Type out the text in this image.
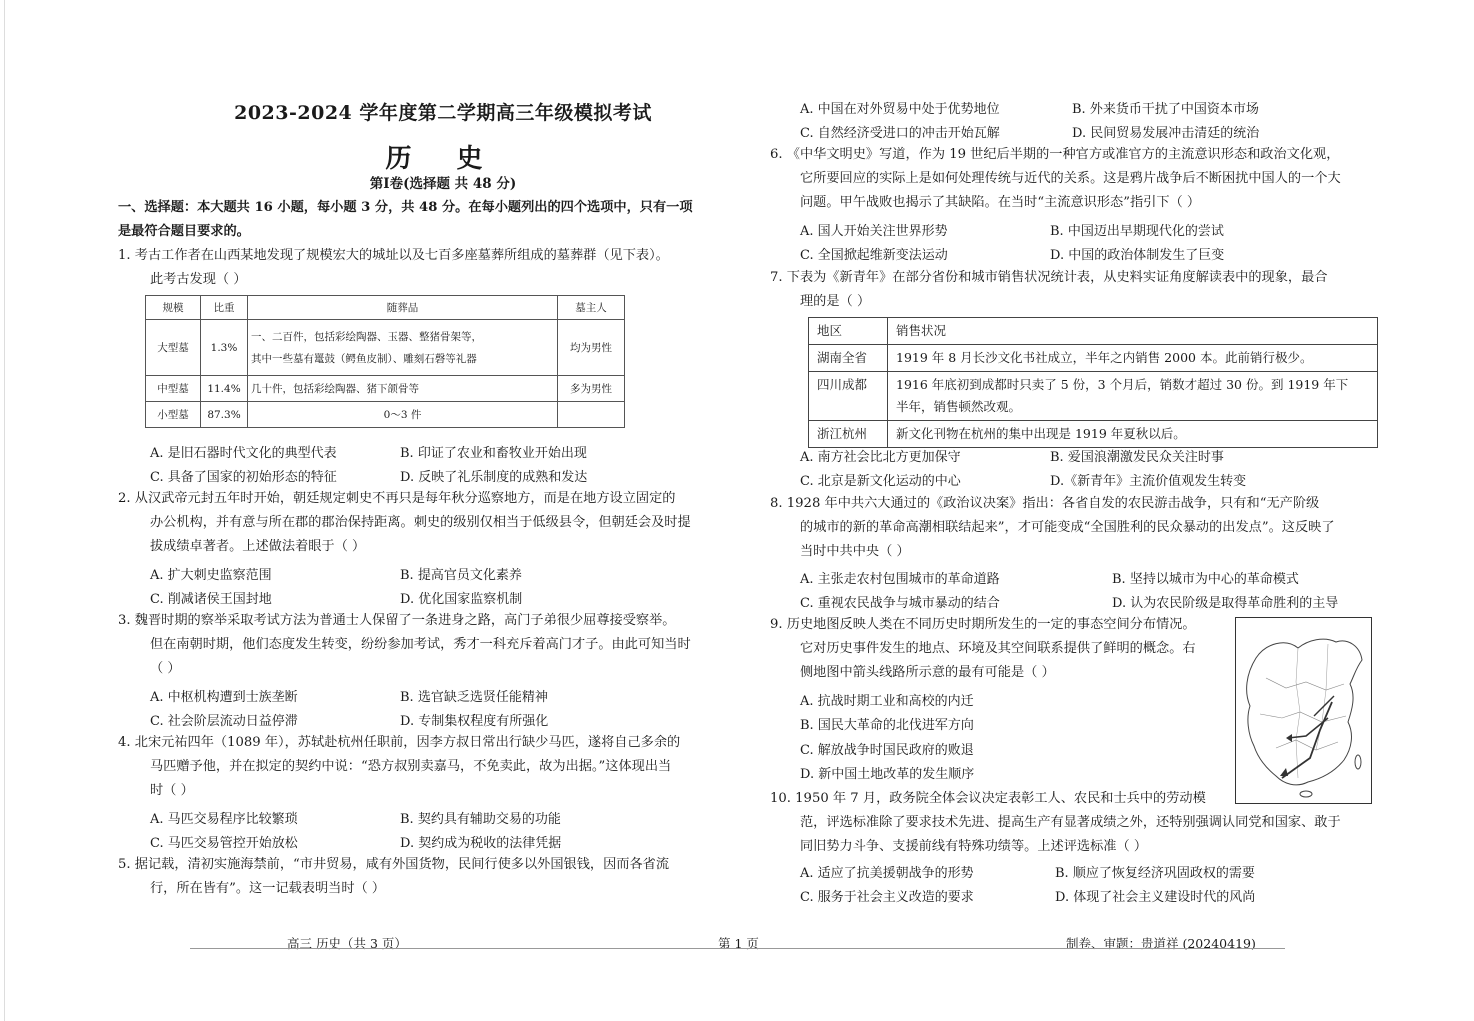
2023-2024 学年度第二学期高三年级模拟考试
历 史
第Ⅰ卷(选择题 共 48 分)
一、选择题：本大题共 16 小题，每小题 3 分，共 48 分。在每小题列出的四个选项中，只有一项
是最符合题目要求的。
1. 考古工作者在山西某地发现了规模宏大的城址以及七百多座墓葬所组成的墓葬群（见下表）。
此考古发现（ ）
规模	比重	随葬品	墓主人
大型墓	1.3%	一、二百件，包括彩绘陶器、玉器、整猪骨架等，
其中一些墓有鼍鼓（鳄鱼皮制）、雕刻石磬等礼器	均为男性
中型墓	11.4%	几十件，包括彩绘陶器、猪下颌骨等	多为男性
小型墓	87.3%	0～3 件	
A. 是旧石器时代文化的典型代表	B. 印证了农业和畜牧业开始出现
C. 具备了国家的初始形态的特征	D. 反映了礼乐制度的成熟和发达
2. 从汉武帝元封五年时开始，朝廷规定刺史不再只是每年秋分巡察地方，而是在地方设立固定的
办公机构，并有意与所在郡的郡治保持距离。刺史的级别仅相当于低级县令，但朝廷会及时提
拔成绩卓著者。上述做法着眼于（ ）
A. 扩大刺史监察范围	B. 提高官员文化素养
C. 削减诸侯王国封地	D. 优化国家监察机制
3. 魏晋时期的察举采取考试方法为普通士人保留了一条进身之路，高门子弟很少屈尊接受察举。
但在南朝时期，他们态度发生转变，纷纷参加考试，秀才一科充斥着高门才子。由此可知当时
（ ）
A. 中枢机构遭到士族垄断	B. 选官缺乏选贤任能精神
C. 社会阶层流动日益停滞	D. 专制集权程度有所强化
4. 北宋元祐四年（1089 年），苏轼赴杭州任职前，因李方叔日常出行缺少马匹，遂将自己多余的
马匹赠予他，并在拟定的契约中说：“恐方叔别卖嘉马，不免卖此，故为出据。”这体现出当
时（ ）
A. 马匹交易程序比较繁琐	B. 契约具有辅助交易的功能
C. 马匹交易管控开始放松	D. 契约成为税收的法律凭据
5. 据记载，清初实施海禁前，“市井贸易，咸有外国货物，民间行使多以外国银钱，因而各省流
行，所在皆有”。这一记载表明当时（ ）
A. 中国在对外贸易中处于优势地位	B. 外来货币干扰了中国资本市场
C. 自然经济受进口的冲击开始瓦解	D. 民间贸易发展冲击清廷的统治
6. 《中华文明史》写道，作为 19 世纪后半期的一种官方或准官方的主流意识形态和政治文化观，
它所要回应的实际上是如何处理传统与近代的关系。这是鸦片战争后不断困扰中国人的一个大
问题。甲午战败也揭示了其缺陷。在当时“主流意识形态”指引下（ ）
A. 国人开始关注世界形势	B. 中国迈出早期现代化的尝试
C. 全国掀起维新变法运动	D. 中国的政治体制发生了巨变
7. 下表为《新青年》在部分省份和城市销售状况统计表，从史料实证角度解读表中的现象，最合
理的是（ ）
地区	销售状况
湖南全省	1919 年 8 月长沙文化书社成立，半年之内销售 2000 本。此前销行极少。
四川成都	1916 年底初到成都时只卖了 5 份，3 个月后，销数才超过 30 份。到 1919 年下
半年，销售顿然改观。
浙江杭州	新文化刊物在杭州的集中出现是 1919 年夏秋以后。
A. 南方社会比北方更加保守	B. 爱国浪潮激发民众关注时事
C. 北京是新文化运动的中心	D.《新青年》主流价值观发生转变
8. 1928 年中共六大通过的《政治议决案》指出：各省自发的农民游击战争，只有和“无产阶级
的城市的新的革命高潮相联结起来”，才可能变成“全国胜利的民众暴动的出发点”。这反映了
当时中共中央（ ）
A. 主张走农村包围城市的革命道路	B. 坚持以城市为中心的革命模式
C. 重视农民战争与城市暴动的结合	D. 认为农民阶级是取得革命胜利的主导
9. 历史地图反映人类在不同历史时期所发生的一定的事态空间分布情况。
它对历史事件发生的地点、环境及其空间联系提供了鲜明的概念。右
侧地图中箭头线路所示意的最有可能是（ ）
A. 抗战时期工业和高校的内迁
B. 国民大革命的北伐进军方向
C. 解放战争时国民政府的败退
D. 新中国土地改革的发生顺序
10. 1950 年 7 月，政务院全体会议决定表彰工人、农民和士兵中的劳动模
范，评选标准除了要求技术先进、提高生产有显著成绩之外，还特别强调认同党和国家、敢于
同旧势力斗争、支援前线有特殊功绩等。上述评选标准（ ）
A. 适应了抗美援朝战争的形势	B. 顺应了恢复经济巩固政权的需要
C. 服务于社会主义改造的要求	D. 体现了社会主义建设时代的风尚
高三 历史（共 3 页）	第 1 页	制卷、审题：贵道祥 (20240419)
